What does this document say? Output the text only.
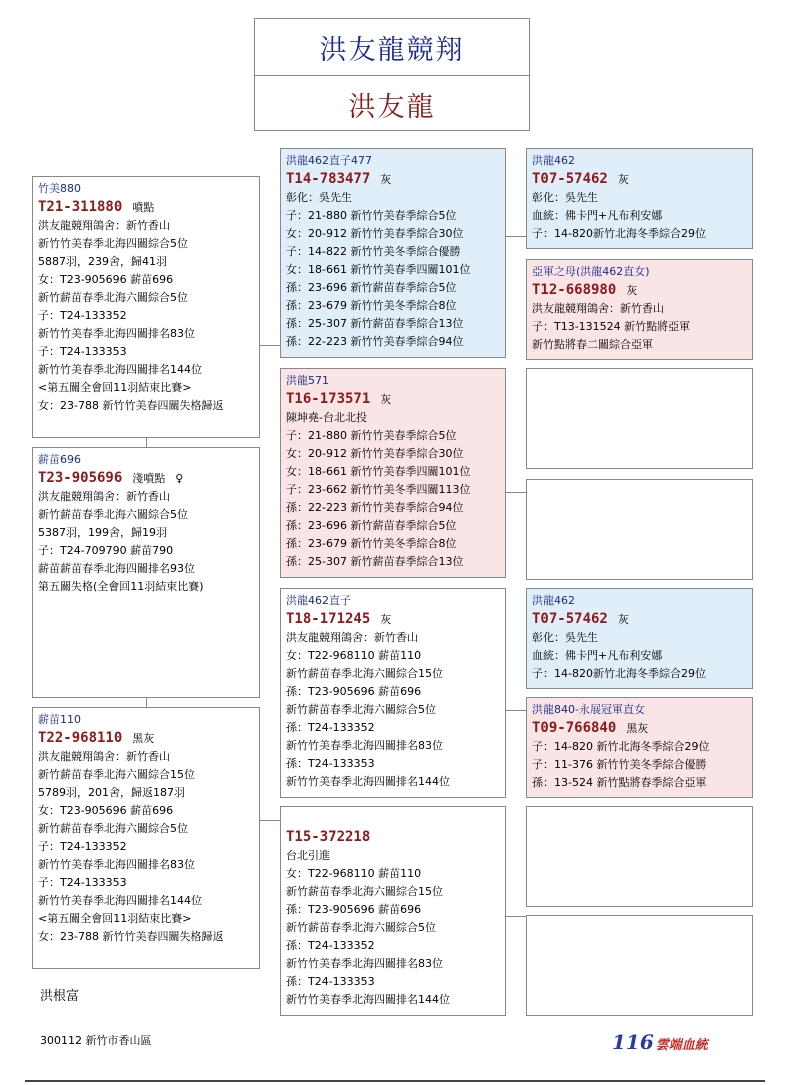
洪友龍競翔
洪友龍
竹美880
T21-311880 噴點
洪友龍競翔鴿舍：新竹香山
新竹竹美春季北海四關綜合5位
5887羽，239舍，歸41羽
女：T23-905696 薪苗696
新竹薪苗春季北海六關綜合5位
子：T24-133352
新竹竹美春季北海四關排名83位
子：T24-133353
新竹竹美春季北海四關排名144位
<第五關全會回11羽結束比賽>
女：23-788 新竹竹美春四關失格歸返
薪苗696
T23-905696 淺噴點 ♀
洪友龍競翔鴿舍：新竹香山
新竹薪苗春季北海六關綜合5位
5387羽，199舍，歸19羽
子：T24-709790 薪苗790
薪苗薪苗春季北海四關排名93位
第五關失格(全會回11羽結束比賽)
薪苗110
T22-968110 黑灰
洪友龍競翔鴿舍：新竹香山
新竹薪苗春季北海六關綜合15位
5789羽，201舍，歸返187羽
女：T23-905696 薪苗696
新竹薪苗春季北海六關綜合5位
子：T24-133352
新竹竹美春季北海四關排名83位
子：T24-133353
新竹竹美春季北海四關排名144位
<第五關全會回11羽結束比賽>
女：23-788 新竹竹美春四關失格歸返
洪龍462直子477
T14-783477 灰
彰化：吳先生
子：21-880 新竹竹美春季綜合5位
女：20-912 新竹竹美春季綜合30位
子：14-822 新竹竹美冬季綜合優勝
女：18-661 新竹竹美春季四關101位
孫：23-696 新竹薪苗春季綜合5位
孫：23-679 新竹竹美冬季綜合8位
孫：25-307 新竹薪苗春季綜合13位
孫：22-223 新竹竹美春季綜合94位
洪龍571
T16-173571 灰
陳坤堯-台北北投
子：21-880 新竹竹美春季綜合5位
女：20-912 新竹竹美春季綜合30位
女：18-661 新竹竹美春季四關101位
子：23-662 新竹竹美冬季四關113位
孫：22-223 新竹竹美春季綜合94位
孫：23-696 新竹薪苗春季綜合5位
孫：23-679 新竹竹美冬季綜合8位
孫：25-307 新竹薪苗春季綜合13位
洪龍462直子
T18-171245 灰
洪友龍競翔鴿舍：新竹香山
女：T22-968110 薪苗110
新竹薪苗春季北海六關綜合15位
孫：T23-905696 薪苗696
新竹薪苗春季北海六關綜合5位
孫：T24-133352
新竹竹美春季北海四關排名83位
孫：T24-133353
新竹竹美春季北海四關排名144位
T15-372218
台北引進
女：T22-968110 薪苗110
新竹薪苗春季北海六關綜合15位
孫：T23-905696 薪苗696
新竹薪苗春季北海六關綜合5位
孫：T24-133352
新竹竹美春季北海四關排名83位
孫：T24-133353
新竹竹美春季北海四關排名144位
洪龍462
T07-57462 灰
彰化：吳先生
血統：佛卡門+凡布利安娜
子：14-820新竹北海冬季綜合29位
亞軍之母(洪龍462直女)
T12-668980 灰
洪友龍競翔鴿舍：新竹香山
子：T13-131524 新竹點將亞軍
新竹點將春二關綜合亞軍
洪龍462
T07-57462 灰
彰化：吳先生
血統：佛卡門+凡布利安娜
子：14-820新竹北海冬季綜合29位
洪龍840-永展冠軍直女
T09-766840 黑灰
子：14-820 新竹北海冬季綜合29位
子：11-376 新竹竹美冬季綜合優勝
孫：13-524 新竹點將春季綜合亞軍
洪根富
300112 新竹市香山區	116 雲端血統
